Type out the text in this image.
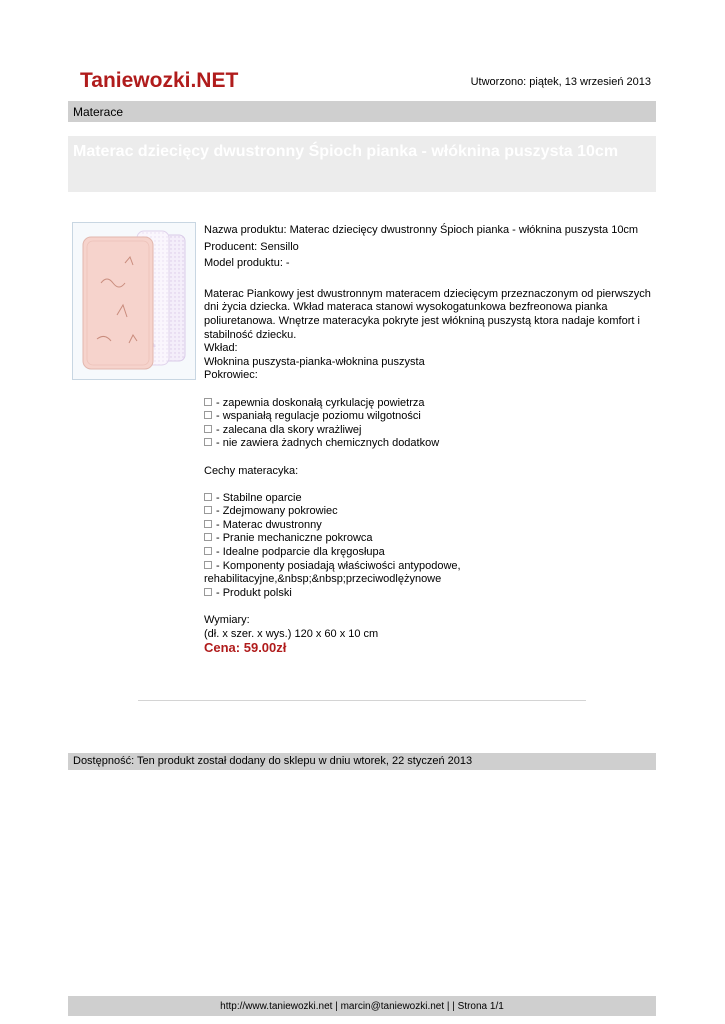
Taniewozki.NET	Utworzono: piątek, 13 wrzesień 2013
Materace
Materac dziecięcy dwustronny Śpioch pianka - włóknina puszysta 10cm

Nazwa produktu: Materac dziecięcy dwustronny Śpioch pianka - włóknina puszysta 10cm

Producent: Sensillo

Model produktu: -

Materac Piankowy jest dwustronnym materacem dziecięcym przeznaczonym od pierwszych dni życia dziecka. Wkład materaca stanowi wysokogatunkowa bezfreonowa pianka poliuretanowa. Wnętrze materacyka pokryte jest włókniną puszystą ktora nadaje komfort i stabilność dziecku.

Wkład:

Włoknina puszysta-pianka-włoknina puszysta

Pokrowiec:

- zapewnia doskonałą cyrkulację powietrza

- wspaniałą regulacje poziomu wilgotności

- zalecana dla skory wrażliwej

- nie zawiera żadnych chemicznych dodatkow

Cechy materacyka:

- Stabilne oparcie

- Zdejmowany pokrowiec

- Materac dwustronny

- Pranie mechaniczne pokrowca

- Idealne podparcie dla kręgosłupa

- Komponenty posiadają właściwości antypodowe,

rehabilitacyjne,&nbsp;&nbsp;przeciwodlężynowe

- Produkt polski

Wymiary:

(dł. x szer. x wys.) 120 x 60 x 10 cm

Cena: 59.00zł

Dostępność: Ten produkt został dodany do sklepu w dniu wtorek, 22 styczeń 2013
http://www.taniewozki.net | marcin@taniewozki.net | | Strona 1/1
